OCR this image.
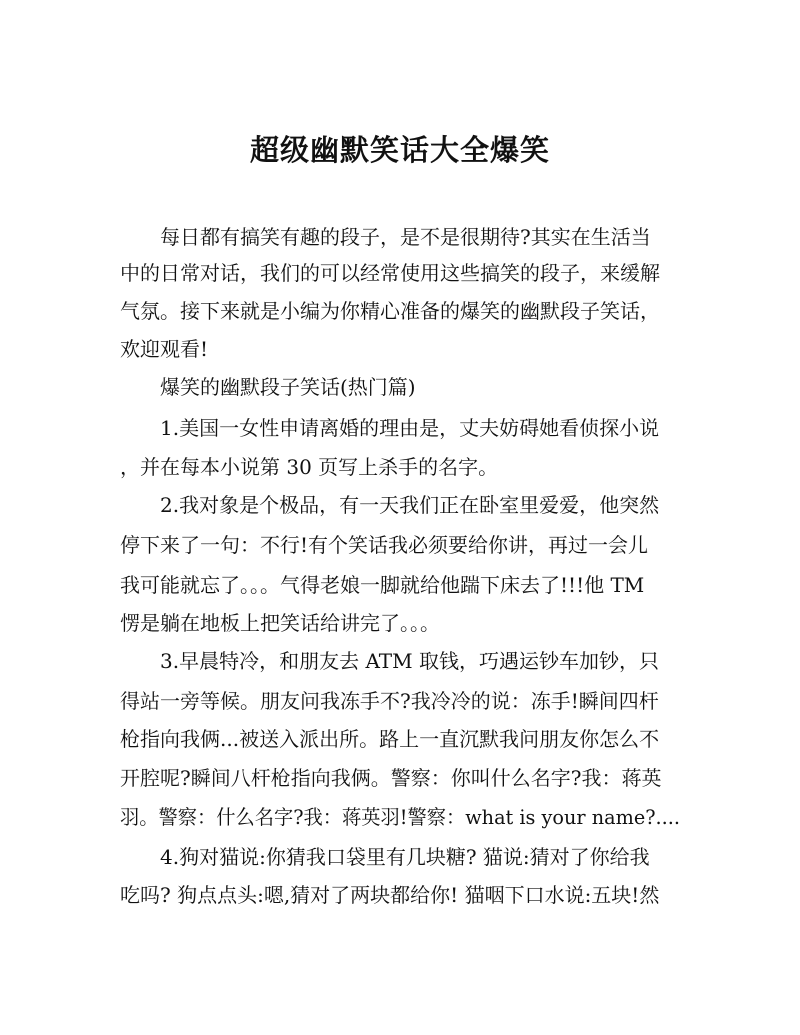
超级幽默笑话大全爆笑
　　每日都有搞笑有趣的段子，是不是很期待?其实在生活当
中的日常对话，我们的可以经常使用这些搞笑的段子，来缓解
气氛。接下来就是小编为你精心准备的爆笑的幽默段子笑话，
欢迎观看!
　　爆笑的幽默段子笑话(热门篇)
　　1.美国一女性申请离婚的理由是，丈夫妨碍她看侦探小说
，并在每本小说第 30 页写上杀手的名字。
　　2.我对象是个极品，有一天我们正在卧室里爱爱，他突然
停下来了一句：不行!有个笑话我必须要给你讲，再过一会儿
我可能就忘了。。。气得老娘一脚就给他踹下床去了!!!他 TM
愣是躺在地板上把笑话给讲完了。。。
　　3.早晨特冷，和朋友去 ATM 取钱，巧遇运钞车加钞，只
得站一旁等候。朋友问我冻手不?我冷冷的说：冻手!瞬间四杆
枪指向我俩...被送入派出所。路上一直沉默我问朋友你怎么不
开腔呢?瞬间八杆枪指向我俩。警察：你叫什么名字?我：蒋英
羽。警察：什么名字?我：蒋英羽!警察：what is your name?....
　　4.狗对猫说:你猜我口袋里有几块糖? 猫说:猜对了你给我
吃吗? 狗点点头:嗯,猜对了两块都给你! 猫咽下口水说:五块!然
